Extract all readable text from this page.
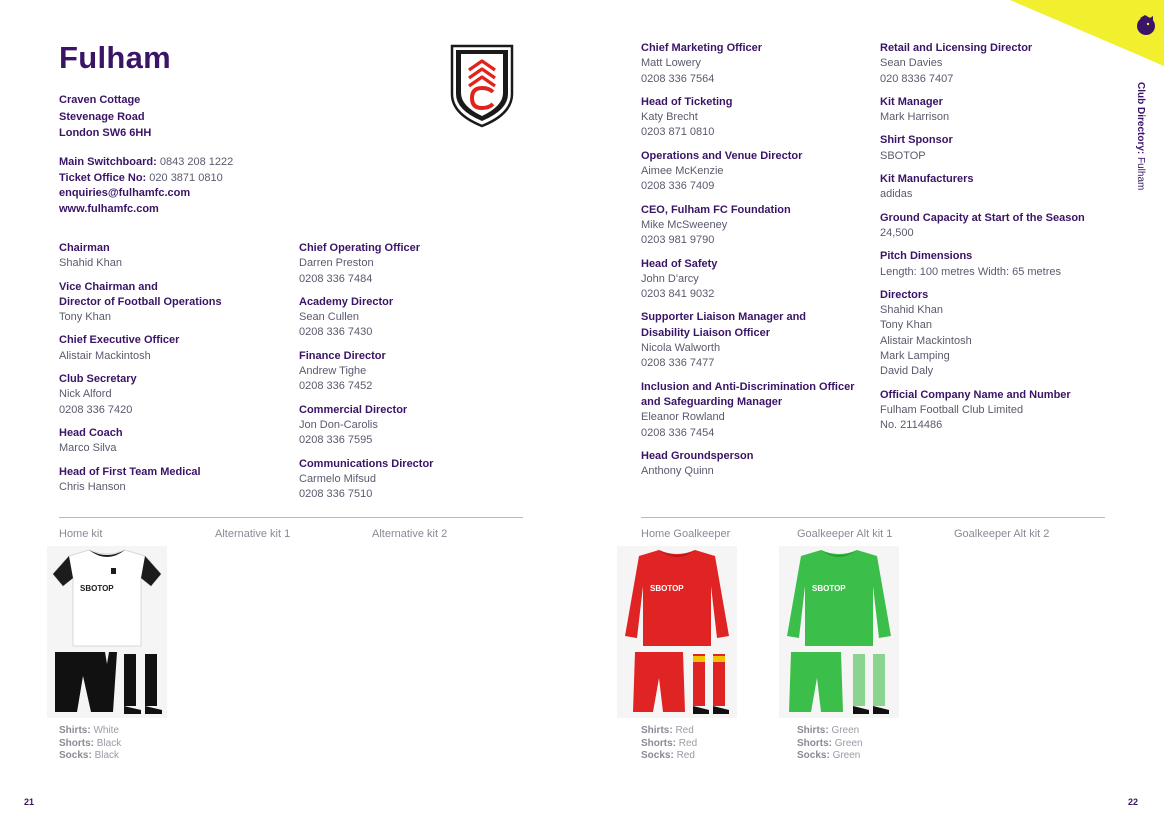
Club Directory: Fulham
Fulham
Craven Cottage
Stevenage Road
London SW6 6HH
Main Switchboard: 0843 208 1222
Ticket Office No: 020 3871 0810
enquiries@fulhamfc.com
www.fulhamfc.com
Chairman
Shahid Khan
Vice Chairman and
Director of Football Operations
Tony Khan
Chief Executive Officer
Alistair Mackintosh
Club Secretary
Nick Alford
0208 336 7420
Head Coach
Marco Silva
Head of First Team Medical
Chris Hanson
Chief Operating Officer
Darren Preston
0208 336 7484
Academy Director
Sean Cullen
0208 336 7430
Finance Director
Andrew Tighe
0208 336 7452
Commercial Director
Jon Don-Carolis
0208 336 7595
Communications Director
Carmelo Mifsud
0208 336 7510
Home kit	Alternative kit 1	Alternative kit 2
SBOTOP
Shirts: White
Shorts: Black
Socks: Black
21
Chief Marketing Officer
Matt Lowery
0208 336 7564
Head of Ticketing
Katy Brecht
0203 871 0810
Operations and Venue Director
Aimee McKenzie
0208 336 7409
CEO, Fulham FC Foundation
Mike McSweeney
0203 981 9790
Head of Safety
John D'arcy
0203 841 9032
Supporter Liaison Manager and
Disability Liaison Officer
Nicola Walworth
0208 336 7477
Inclusion and Anti-Discrimination Officer
and Safeguarding Manager
Eleanor Rowland
0208 336 7454
Head Groundsperson
Anthony Quinn
Retail and Licensing Director
Sean Davies
020 8336 7407
Kit Manager
Mark Harrison
Shirt Sponsor
SBOTOP
Kit Manufacturers
adidas
Ground Capacity at Start of the Season
24,500
Pitch Dimensions
Length: 100 metres Width: 65 metres
Directors
Shahid Khan
Tony Khan
Alistair Mackintosh
Mark Lamping
David Daly
Official Company Name and Number
Fulham Football Club Limited
No. 2114486
Home Goalkeeper	Goalkeeper Alt kit 1	Goalkeeper Alt kit 2
SBOTOP	SBOTOP
Shirts: Red
Shorts: Red
Socks: Red
Shirts: Green
Shorts: Green
Socks: Green
22
